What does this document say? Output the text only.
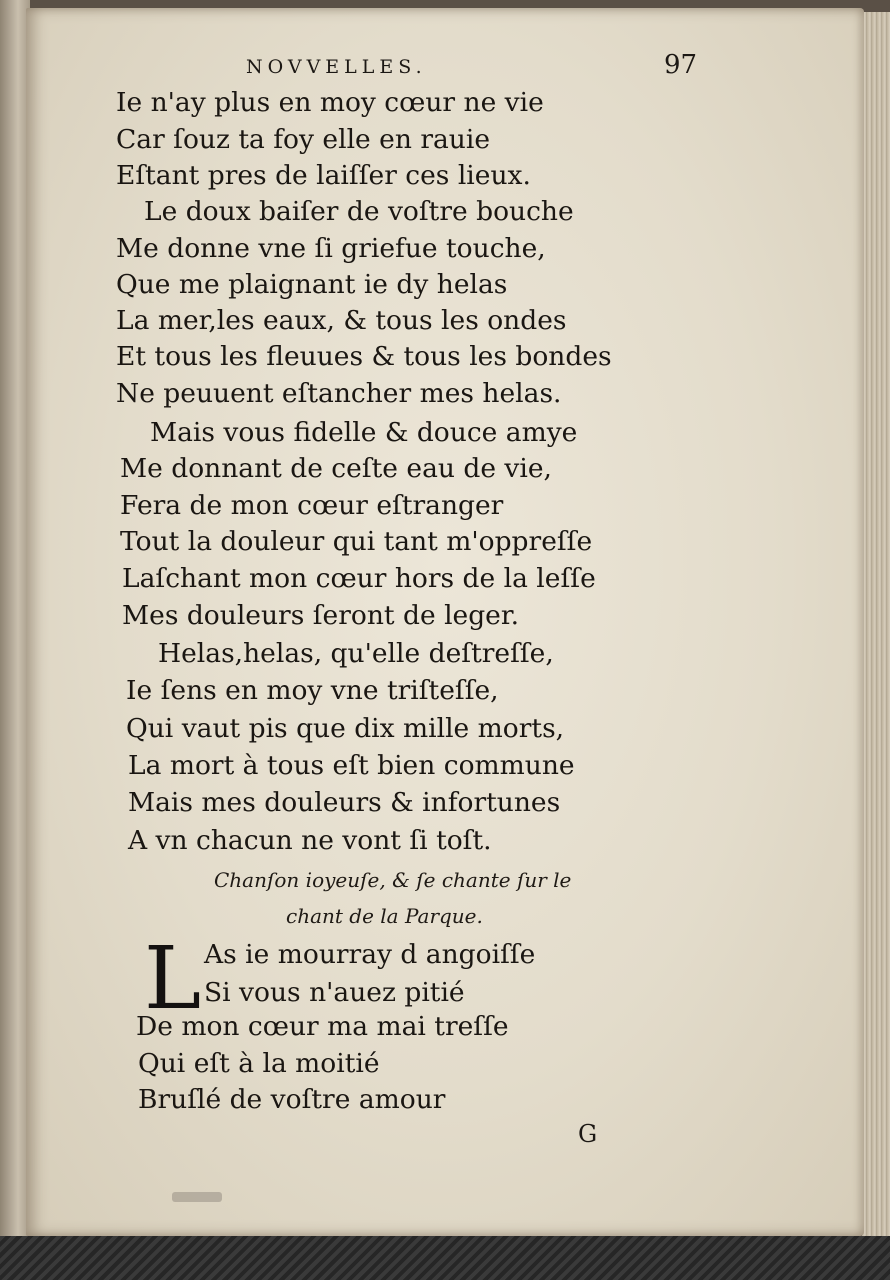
NOVVELLES.	97
Ie n'ay plus en moy cœur ne vie
Car ſouz ta foy elle en rauie
Eſtant pres de laiſſer ces lieux.
Le doux baiſer de voſtre bouche
Me donne vne ſi griefue touche,
Que me plaignant ie dy helas
La mer,les eaux, & tous les ondes
Et tous les fleuues & tous les bondes
Ne peuuent eſtancher mes helas.
Mais vous fidelle & douce amye
Me donnant de ceſte eau de vie,
Fera de mon cœur eſtranger
Tout la douleur qui tant m'oppreſſe
Laſchant mon cœur hors de la leſſe
Mes douleurs ſeront de leger.
Helas,helas, qu'elle deſtreſſe,
Ie ſens en moy vne triſteſſe,
Qui vaut pis que dix mille morts,
La mort à tous eſt bien commune
Mais mes douleurs & infortunes
A vn chacun ne vont ſi toſt.
Chanſon ioyeuſe, & ſe chante ſur le
chant de la Parque.
L As ie mourray d angoiſſe
Si vous n'auez pitié
De mon cœur ma mai treſſe
Qui eſt à la moitié
Bruſlé de voſtre amour
G
